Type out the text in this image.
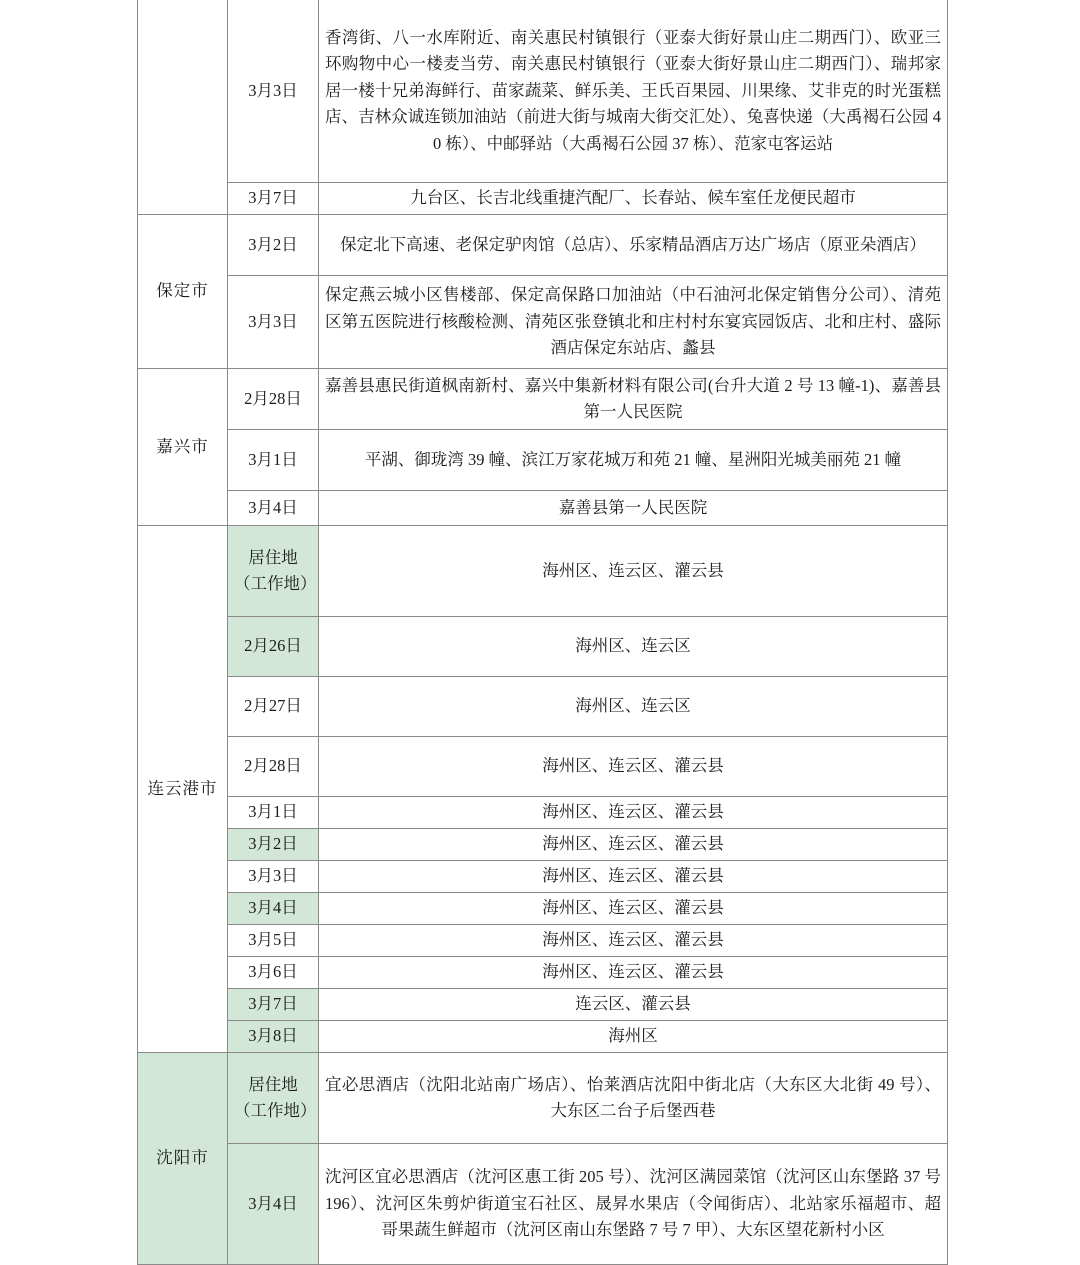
	3月3日	香湾街、八一水库附近、南关惠民村镇银行（亚泰大街好景山庄二期西门）、欧亚三环购物中心一楼麦当劳、南关惠民村镇银行（亚泰大街好景山庄二期西门）、瑞邦家居一楼十兄弟海鲜行、苗家蔬菜、鲜乐美、王氏百果园、川果缘、艾非克的时光蛋糕店、吉林众诚连锁加油站（前进大街与城南大街交汇处）、兔喜快递（大禹褐石公园 40 栋）、中邮驿站（大禹褐石公园 37 栋）、范家屯客运站
	3月7日	九台区、长吉北线重捷汽配厂、长春站、候车室任龙便民超市
保定市	3月2日	保定北下高速、老保定驴肉馆（总店）、乐家精品酒店万达广场店（原亚朵酒店）
	3月3日	保定燕云城小区售楼部、保定高保路口加油站（中石油河北保定销售分公司）、清苑区第五医院进行核酸检测、清苑区张登镇北和庄村村东宴宾园饭店、北和庄村、盛际酒店保定东站店、蠡县
嘉兴市	2月28日	嘉善县惠民街道枫南新村、嘉兴中集新材料有限公司(台升大道 2 号 13 幢-1)、嘉善县第一人民医院
	3月1日	平湖、御珑湾 39 幢、滨江万家花城万和苑 21 幢、星洲阳光城美丽苑 21 幢
	3月4日	嘉善县第一人民医院
连云港市	居住地（工作地）	海州区、连云区、灌云县
	2月26日	海州区、连云区
	2月27日	海州区、连云区
	2月28日	海州区、连云区、灌云县
	3月1日	海州区、连云区、灌云县
	3月2日	海州区、连云区、灌云县
	3月3日	海州区、连云区、灌云县
	3月4日	海州区、连云区、灌云县
	3月5日	海州区、连云区、灌云县
	3月6日	海州区、连云区、灌云县
	3月7日	连云区、灌云县
	3月8日	海州区
沈阳市	居住地（工作地）	宜必思酒店（沈阳北站南广场店）、怡莱酒店沈阳中街北店（大东区大北街 49 号）、大东区二台子后堡西巷
	3月4日	沈河区宜必思酒店（沈河区惠工街 205 号）、沈河区满园菜馆（沈河区山东堡路 37 号 196）、沈河区朱剪炉街道宝石社区、晟昇水果店（令闻街店）、北站家乐福超市、超哥果蔬生鲜超市（沈河区南山东堡路 7 号 7 甲）、大东区望花新村小区
